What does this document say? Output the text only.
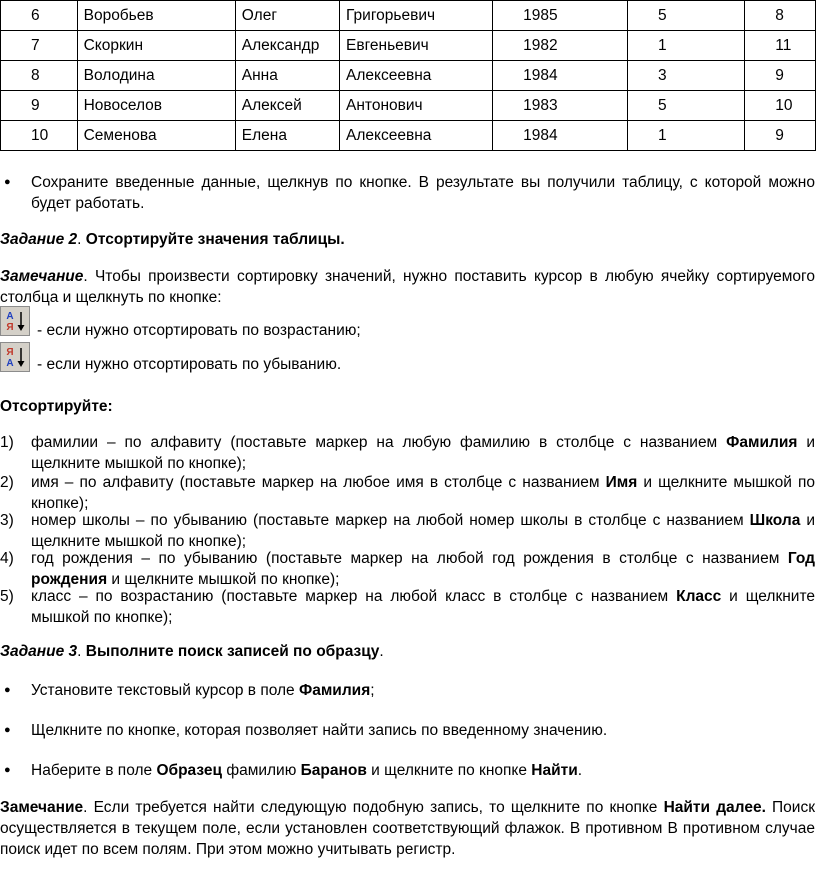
6	Воробьев	Олег	Григорьевич	1985	5	8
7	Скоркин	Александр	Евгеньевич	1982	1	11
8	Володина	Анна	Алексеевна	1984	3	9
9	Новоселов	Алексей	Антонович	1983	5	10
10	Семенова	Елена	Алексеевна	1984	1	9
● Сохраните введенные данные, щелкнув по кнопке. В результате вы получили таблицу, с которой можно будет работать.
Задание 2. Отсортируйте значения таблицы.
Замечание. Чтобы произвести сортировку значений, нужно поставить курсор в любую ячейку сортируемого столбца и щелкнуть по кнопке:
А
Я - если нужно отсортировать по возрастанию;
Я
А - если нужно отсортировать по убыванию.
Отсортируйте:
1) фамилии – по алфавиту (поставьте маркер на любую фамилию в столбце с названием Фамилия и щелкните мышкой по кнопке);
2) имя – по алфавиту (поставьте маркер на любое имя в столбце с названием Имя и щелкните мышкой по кнопке);
3) номер школы – по убыванию (поставьте маркер на любой номер школы в столбце с названием Школа и щелкните мышкой по кнопке);
4) год рождения – по убыванию (поставьте маркер на любой год рождения в столбце с названием Год рождения и щелкните мышкой по кнопке);
5) класс – по возрастанию (поставьте маркер на любой класс в столбце с названием Класс и щелкните мышкой по кнопке);
Задание 3. Выполните поиск записей по образцу.
● Установите текстовый курсор в поле Фамилия;
● Щелкните по кнопке, которая позволяет найти запись по введенному значению.
● Наберите в поле Образец фамилию Баранов и щелкните по кнопке Найти.
Замечание. Если требуется найти следующую подобную запись, то щелкните по кнопке Найти далее. Поиск осуществляется в текущем поле, если установлен соответствующий флажок. В противном В противном случае поиск идет по всем полям. При этом можно учитывать регистр.
